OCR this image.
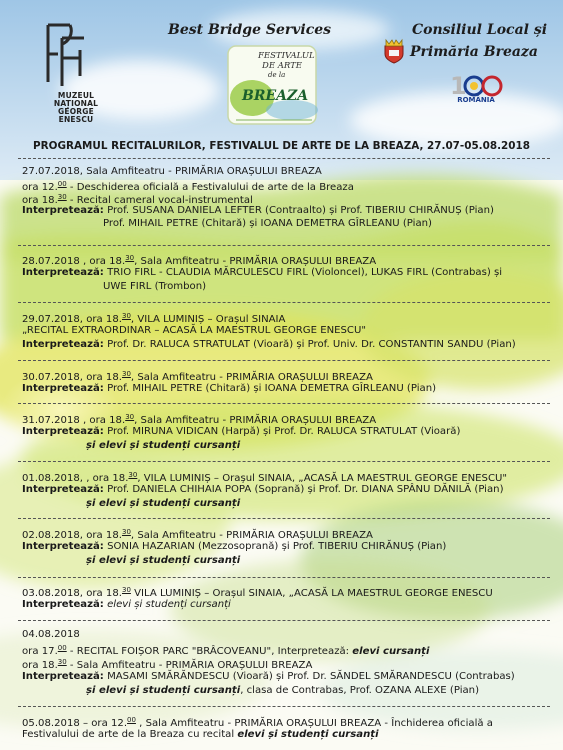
MUZEUL
NAȚIONAL
GEORGE
ENESCU
Best Bridge Services
FESTIVALUL
DE ARTE
de la
BREAZA
Consiliul Local și
Primăria Breaza
1
ROMÂNIA
PROGRAMUL RECITALURILOR, FESTIVALUL DE ARTE DE LA BREAZA, 27.07-05.08.2018
27.07.2018, Sala Amfiteatru - PRIMĂRIA ORAȘULUI BREAZA
ora 12.00 - Deschiderea oficială a Festivalului de arte de la Breaza
ora 18.30 - Recital cameral vocal-instrumental
Interpretează: Prof. SUSANA DANIELA LEFTER (Contraalto) și Prof. TIBERIU CHIRĂNUȘ (Pian)
Prof. MIHAIL PETRE (Chitară) și IOANA DEMETRA GÎRLEANU (Pian)
28.07.2018 , ora 18.30, Sala Amfiteatru - PRIMĂRIA ORAȘULUI BREAZA
Interpretează: TRIO FIRL - CLAUDIA MĂRCULESCU FIRL (Violoncel), LUKAS FIRL (Contrabas) și
UWE FIRL (Trombon)
29.07.2018, ora 18.30, VILA LUMINIȘ – Orașul SINAIA
„RECITAL EXTRAORDINAR – ACASĂ LA MAESTRUL GEORGE ENESCU"
Interpretează: Prof. Dr. RALUCA STRATULAT (Vioară) și Prof. Univ. Dr. CONSTANTIN SANDU (Pian)
30.07.2018, ora 18.30, Sala Amfiteatru - PRIMĂRIA ORAȘULUI BREAZA
Interpretează: Prof. MIHAIL PETRE (Chitară) și IOANA DEMETRA GÎRLEANU (Pian)
31.07.2018 , ora 18.30, Sala Amfiteatru - PRIMĂRIA ORAȘULUI BREAZA
Interpretează: Prof. MIRUNA VIDICAN (Harpă) și Prof. Dr. RALUCA STRATULAT (Vioară)
și elevi și studenți cursanți
01.08.2018, , ora 18.30, VILA LUMINIȘ – Orașul SINAIA, „ACASĂ LA MAESTRUL GEORGE ENESCU"
Interpretează: Prof. DANIELA CHIHAIA POPA (Soprană) și Prof. Dr. DIANA SPÂNU DĂNILĂ (Pian)
și elevi și studenți cursanți
02.08.2018, ora 18.30, Sala Amfiteatru - PRIMĂRIA ORAȘULUI BREAZA
Interpretează: SONIA HAZARIAN (Mezzosoprană) și Prof. TIBERIU CHIRĂNUȘ (Pian)
și elevi și studenți cursanți
03.08.2018, ora 18.30 VILA LUMINIȘ – Orașul SINAIA, „ACASĂ LA MAESTRUL GEORGE ENESCU
Interpretează: elevi și studenți cursanți
04.08.2018
ora 17.00 - RECITAL FOIȘOR PARC "BRÂCOVEANU", Interpretează: elevi cursanți
ora 18.30 - Sala Amfiteatru - PRIMĂRIA ORAȘULUI BREAZA
Interpretează: MASAMI SMĂRĂNDESCU (Vioară) și Prof. Dr. SĂNDEL SMĂRANDESCU (Contrabas)
și elevi și studenți cursanți, clasa de Contrabas, Prof. OZANA ALEXE (Pian)
05.08.2018 – ora 12.00 , Sala Amfiteatru - PRIMĂRIA ORAȘULUI BREAZA - Închiderea oficială a
Festivalului de arte de la Breaza cu recital elevi și studenți cursanți
